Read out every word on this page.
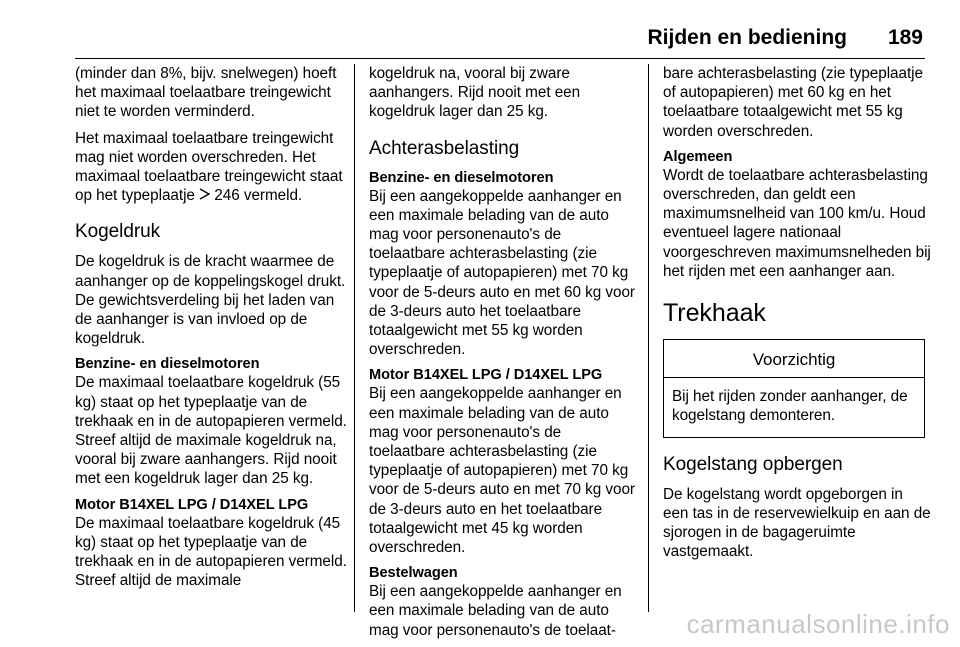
Rijden en bediening 189

(minder dan 8%, bijv. snelwegen) hoeft het maximaal toelaatbare treingewicht niet te worden verminderd.

Het maximaal toelaatbare treingewicht mag niet worden overschreden. Het maximaal toelaatbare treingewicht staat op het typeplaatje 246 vermeld.

Kogeldruk

De kogeldruk is de kracht waarmee de aanhanger op de koppelingskogel drukt. De gewichtsverdeling bij het laden van de aanhanger is van invloed op de kogeldruk.

Benzine- en dieselmotoren

De maximaal toelaatbare kogeldruk (55 kg) staat op het typeplaatje van de trekhaak en in de autopapieren vermeld. Streef altijd de maximale kogeldruk na, vooral bij zware aanhangers. Rijd nooit met een kogeldruk lager dan 25 kg.

Motor B14XEL LPG / D14XEL LPG

De maximaal toelaatbare kogeldruk (45 kg) staat op het typeplaatje van de trekhaak en in de autopapieren vermeld. Streef altijd de maximale

kogeldruk na, vooral bij zware aanhangers. Rijd nooit met een kogeldruk lager dan 25 kg.

Achterasbelasting
Benzine- en dieselmotoren

Bij een aangekoppelde aanhanger en een maximale belading van de auto mag voor personenauto's de toelaatbare achterasbelasting (zie typeplaatje of autopapieren) met 70 kg voor de 5-deurs auto en met 60 kg voor de 3-deurs auto het toelaatbare totaalgewicht met 55 kg worden overschreden.

Motor B14XEL LPG / D14XEL LPG

Bij een aangekoppelde aanhanger en een maximale belading van de auto mag voor personenauto's de toelaatbare achterasbelasting (zie typeplaatje of autopapieren) met 70 kg voor de 5-deurs auto en met 70 kg voor de 3-deurs auto en het toelaatbare totaalgewicht met 45 kg worden overschreden.

Bestelwagen

Bij een aangekoppelde aanhanger en een maximale belading van de auto mag voor personenauto's de toelaat-

bare achterasbelasting (zie typeplaatje of autopapieren) met 60 kg en het toelaatbare totaalgewicht met 55 kg worden overschreden.

Algemeen

Wordt de toelaatbare achterasbelasting overschreden, dan geldt een maximumsnelheid van 100 km/u. Houd eventueel lagere nationaal voorgeschreven maximumsnelheden bij het rijden met een aanhanger aan.

Trekhaak
Voorzichtig
Bij het rijden zonder aanhanger, de kogelstang demonteren.
Kogelstang opbergen

De kogelstang wordt opgeborgen in een tas in de reservewielkuip en aan de sjorogen in de bagageruimte vastgemaakt.

carmanualsonline.info
